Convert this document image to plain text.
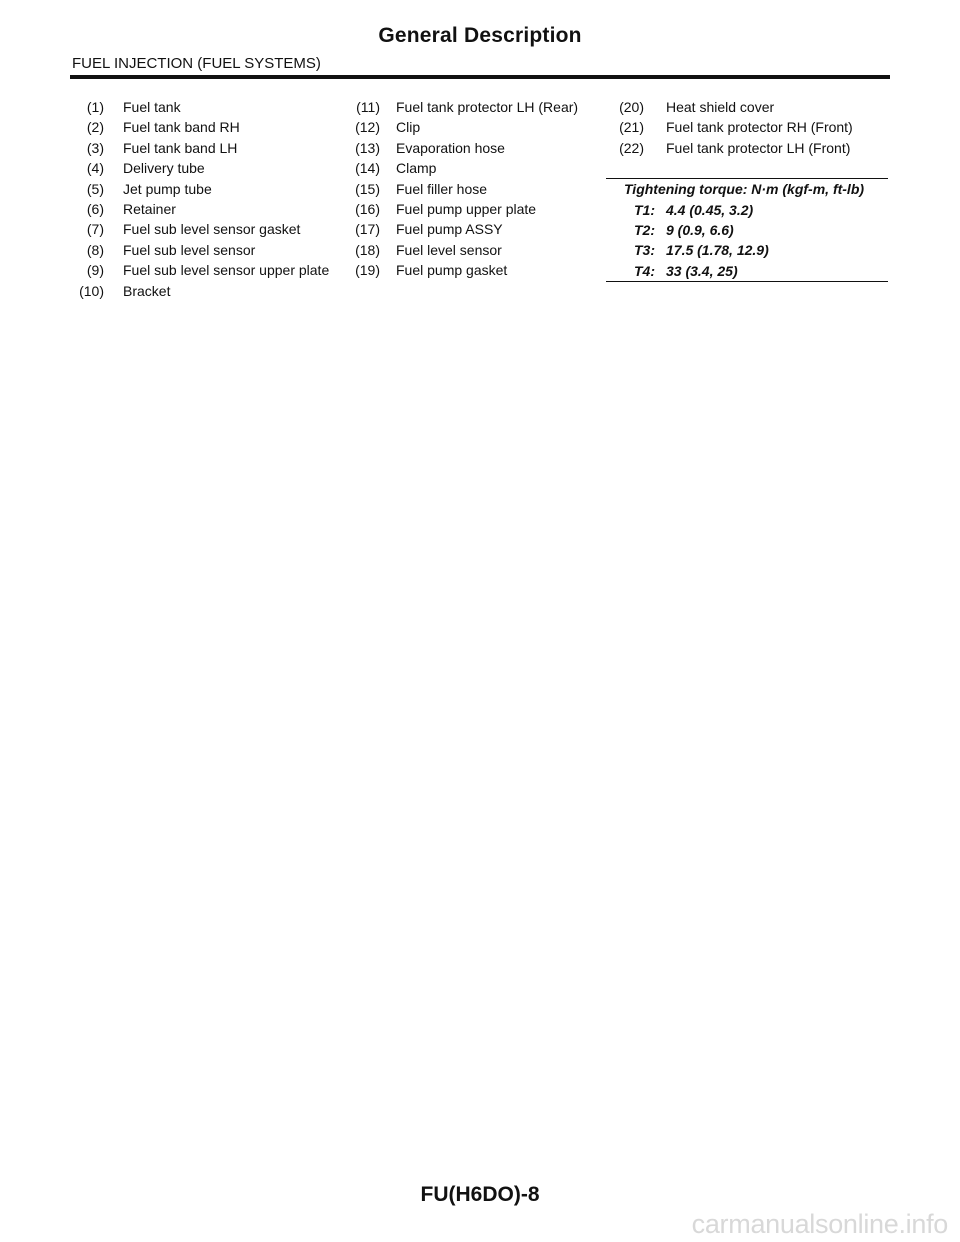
General Description
FUEL INJECTION (FUEL SYSTEMS)
(1) Fuel tank
(2) Fuel tank band RH
(3) Fuel tank band LH
(4) Delivery tube
(5) Jet pump tube
(6) Retainer
(7) Fuel sub level sensor gasket
(8) Fuel sub level sensor
(9) Fuel sub level sensor upper plate
(10) Bracket
(11) Fuel tank protector LH (Rear)
(12) Clip
(13) Evaporation hose
(14) Clamp
(15) Fuel filler hose
(16) Fuel pump upper plate
(17) Fuel pump ASSY
(18) Fuel level sensor
(19) Fuel pump gasket
(20) Heat shield cover
(21) Fuel tank protector RH (Front)
(22) Fuel tank protector LH (Front)
Tightening torque: N·m (kgf-m, ft-lb)
T1: 4.4 (0.45, 3.2)
T2: 9 (0.9, 6.6)
T3: 17.5 (1.78, 12.9)
T4: 33 (3.4, 25)
FU(H6DO)-8
carmanualsonline.info
